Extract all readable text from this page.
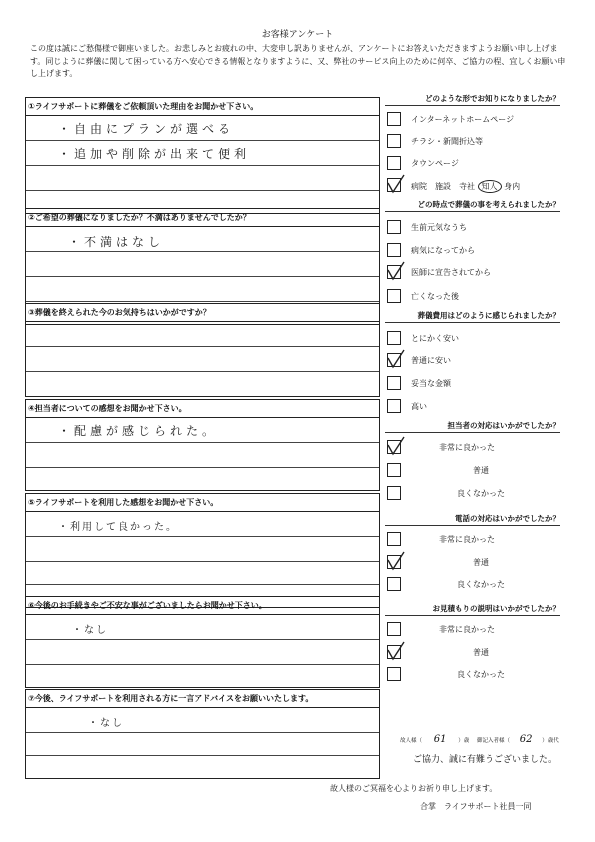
お客様アンケート
この度は誠にご愁傷様で御座いました。お悲しみとお疲れの中、大変申し訳ありませんが、アンケートにお答えいただきますようお願い申し上げます。同じように葬儀に関して困っている方へ安心できる情報となりますように、又、弊社のサービス向上のために何卒、ご協力の程、宜しくお願い申し上げます。
①ライフサポートに葬儀をご依頼頂いた理由をお聞かせ下さい。
・自由にプランが選べる
・追加や削除が出来て便利
②ご希望の葬儀になりましたか？不満はありませんでしたか？
・不満はなし
③葬儀を終えられた今のお気持ちはいかがですか？
④担当者についての感想をお聞かせ下さい。
・配慮が感じられた。
⑤ライフサポートを利用した感想をお聞かせ下さい。
・利用して良かった。
⑥今後のお手続きやご不安な事がございましたらお聞かせ下さい。
・なし
⑦今後、ライフサポートを利用される方に一言アドバイスをお願いいたします。
・なし
どのような形でお知りになりましたか？
インターネットホームページ
チラシ・新聞折込等
タウンページ
病院　施設　寺社 知人 身内
どの時点で葬儀の事を考えられましたか？
生前元気なうち
病気になってから
医師に宣告されてから
亡くなった後
葬儀費用はどのように感じられましたか？
とにかく安い
普通に安い
妥当な金額
高い
担当者の対応はいかがでしたか？
非常に良かった
普通
良くなかった
電話の対応はいかがでしたか？
非常に良かった
普通
良くなかった
お見積もりの説明はいかがでしたか？
非常に良かった
普通
良くなかった
故人様（ 61 ）歳 御記入者様（ 62 ）歳代
ご協力、誠に有難うございました。
故人様のご冥福を心よりお祈り申し上げます。
合掌　ライフサポート社員一同
